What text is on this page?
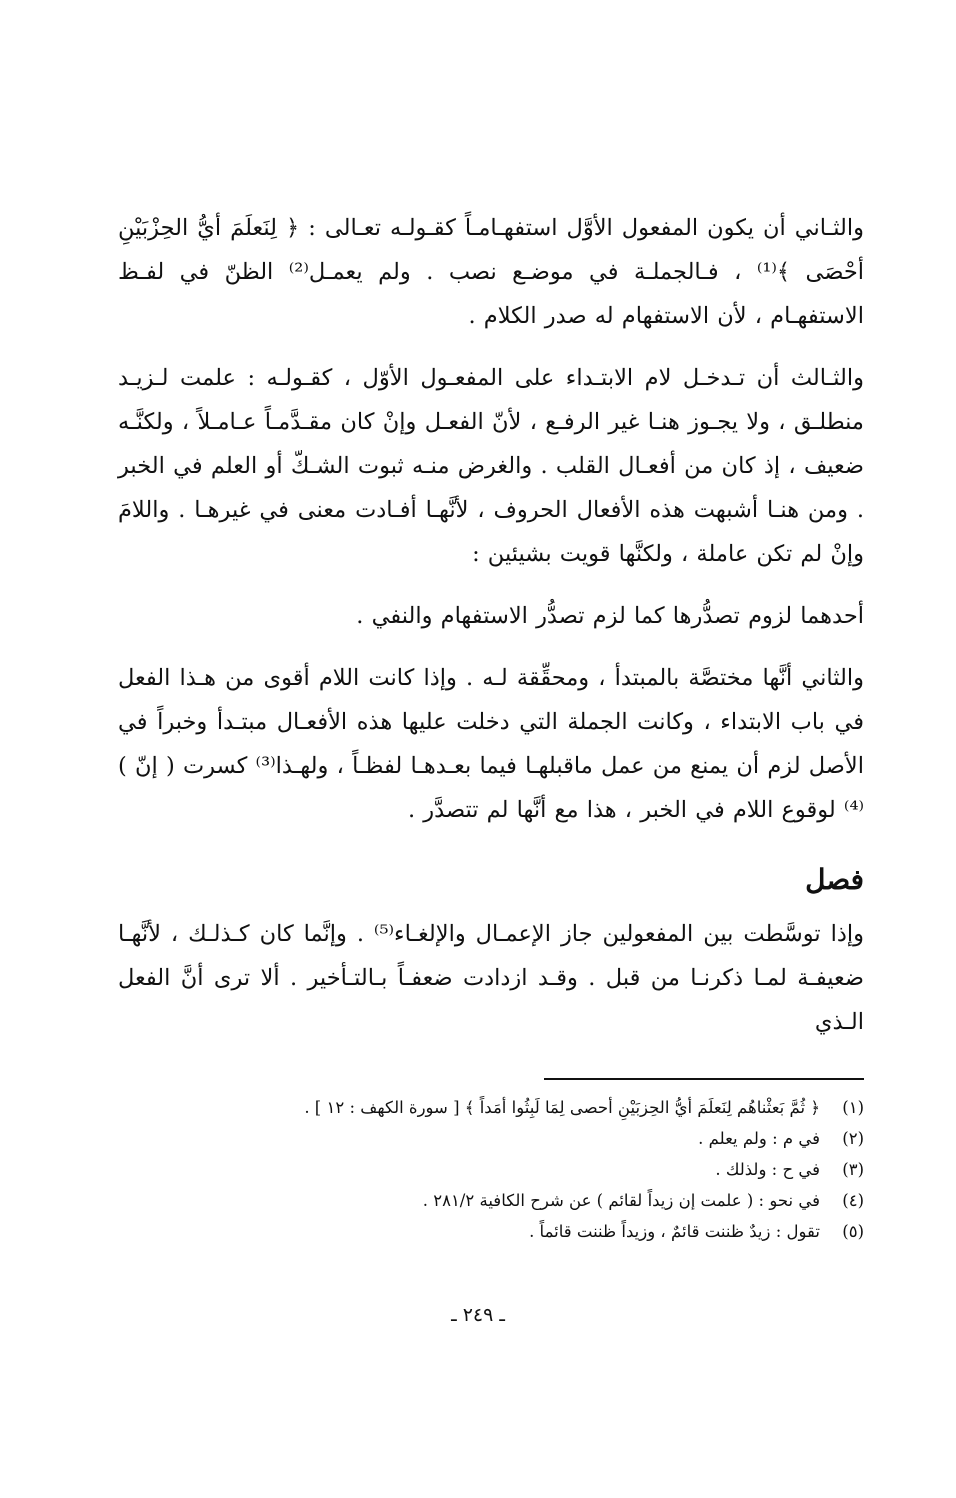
والثـاني أن يكون المفعول الأوَّل استفهـامـاً كقـولـه تعـالى : ﴿ لِنَعلَمَ أيُّ الحِزْبَيْنِ أحْصَى ﴾⁽¹⁾ ، فـالجملـة في موضـع نصب . ولم يعمـل⁽²⁾ الظنّ في لفـظ الاستفهـام ، لأن الاستفهام له صدر الكلام .

والثـالث أن تـدخـل لام الابتـداء على المفعـول الأوّل ، كقـولـه : علمت لـزيـد منطلـق ، ولا يجـوز هنـا غير الرفـع ، لأنّ الفعـل وإنْ كان مقـدَّمـاً عـامـلاً ، ولكنَّـه ضعيف ، إذ كان من أفعـال القلب . والغرض منـه ثبوت الشـكّ أو العلم في الخبر . ومن هنـا أشبهت هذه الأفعال الحروف ، لأنَّهـا أفـادت معنى في غيرهـا . واللامَ وإنْ لم تكن عاملة ، ولكنَّها قويت بشيئين :

أحدهما لزوم تصدُّرها كما لزم تصدُّر الاستفهام والنفي .

والثاني أنَّها مختصَّة بالمبتدأ ، ومحقِّقة لـه . وإذا كانت اللام أقوى من هـذا الفعل في باب الابتداء ، وكانت الجملة التي دخلت عليها هذه الأفعـال مبتـدأ وخبراً في الأصل لزم أن يمنع من عمل ماقبلهـا فيما بعـدهـا لفظـاً ، ولهـذا⁽³⁾ كسرت ( إنّ )⁽⁴⁾ لوقوع اللام في الخبر ، هذا مع أنَّها لم تتصدَّر .

فصل

وإذا توسَّطت بين المفعولين جاز الإعمـال والإلغـاء⁽⁵⁾ . وإنَّما كان كـذلـك ، لأنَّهـا ضعيفـة لمـا ذكرنـا من قبل . وقـد ازدادت ضعفـاً بـالتـأخير . ألا ترى أنَّ الفعل الـذي

(١)
﴿ ثُمَّ بَعثْناهُم لِنَعلَمَ أيُّ الحِزبَيْنِ أحصى لِمَا لَبِثُوا أمَداً ﴾ [ سورة الكهف : ١٢ ] .
(٢)
في م : ولم يعلم .
(٣)
في ح : ولذلك .
(٤)
في نحو : ( علمت إن زيداً لقائم ) عن شرح الكافية ٢٨١/٢ .
(٥)
تقول : زيدٌ ظننت قائمٌ ، وزيداً ظننت قائماً .
ـ ٢٤٩ ـ
